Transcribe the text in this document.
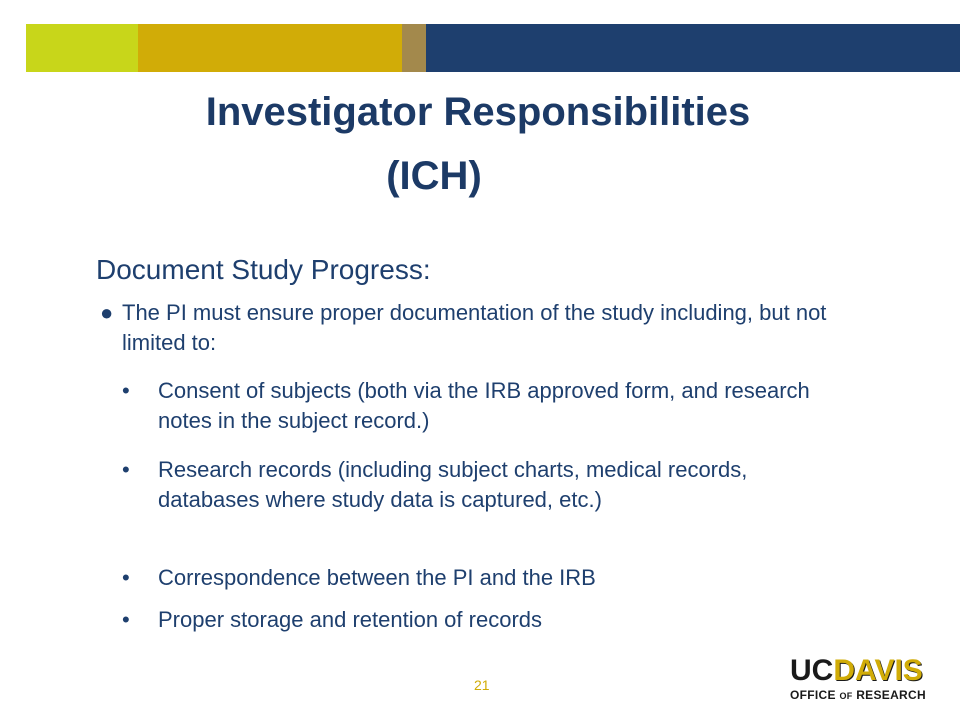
Investigator Responsibilities
(ICH)

Document Study Progress:

● The PI must ensure proper documentation of the study including, but not limited to:
•	Consent of subjects (both via the IRB approved form, and research notes in the subject record.)
•	Research records (including subject charts, medical records, databases where study data is captured, etc.)
•	Correspondence between the PI and the IRB
•	Proper storage and retention of records
21	UCDAVIS
OFFICE OF RESEARCH
